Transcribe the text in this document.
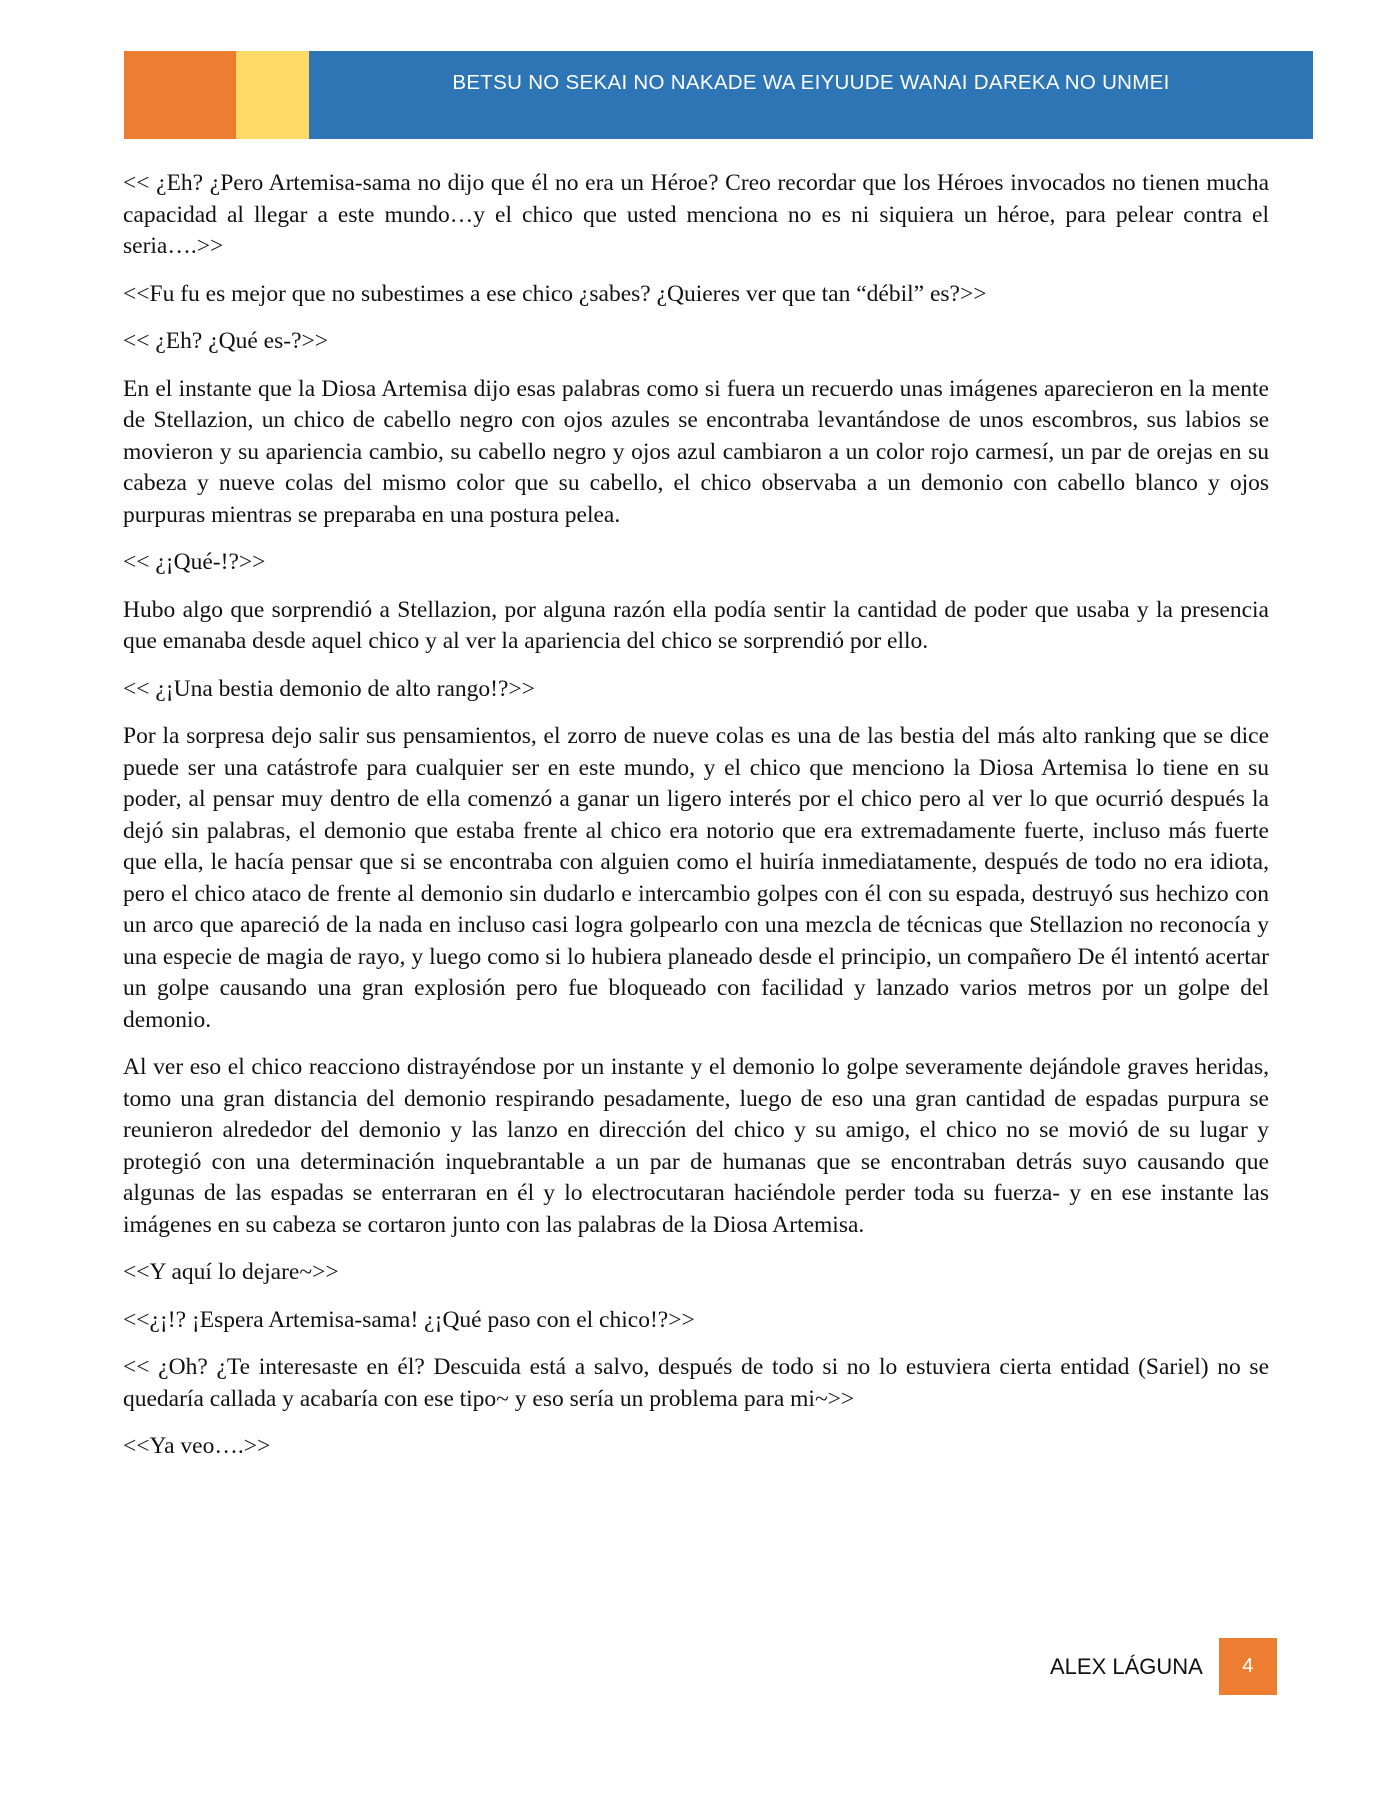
BETSU NO SEKAI NO NAKADE WA EIYUUDE WANAI DAREKA NO UNMEI

<< ¿Eh? ¿Pero Artemisa-sama no dijo que él no era un Héroe? Creo recordar que los Héroes invocados no tienen mucha capacidad al llegar a este mundo…y el chico que usted menciona no es ni siquiera un héroe, para pelear contra el seria….>>

<<Fu fu es mejor que no subestimes a ese chico ¿sabes? ¿Quieres ver que tan “débil” es?>>

<< ¿Eh? ¿Qué es-?>>

En el instante que la Diosa Artemisa dijo esas palabras como si fuera un recuerdo unas imágenes aparecieron en la mente de Stellazion, un chico de cabello negro con ojos azules se encontraba levantándose de unos escombros, sus labios se movieron y su apariencia cambio, su cabello negro y ojos azul cambiaron a un color rojo carmesí, un par de orejas en su cabeza y nueve colas del mismo color que su cabello, el chico observaba a un demonio con cabello blanco y ojos purpuras mientras se preparaba en una postura pelea.

<< ¿¡Qué-!?>>

Hubo algo que sorprendió a Stellazion, por alguna razón ella podía sentir la cantidad de poder que usaba y la presencia que emanaba desde aquel chico y al ver la apariencia del chico se sorprendió por ello.

<< ¿¡Una bestia demonio de alto rango!?>>

Por la sorpresa dejo salir sus pensamientos, el zorro de nueve colas es una de las bestia del más alto ranking que se dice puede ser una catástrofe para cualquier ser en este mundo, y el chico que menciono la Diosa Artemisa lo tiene en su poder, al pensar muy dentro de ella comenzó a ganar un ligero interés por el chico pero al ver lo que ocurrió después la dejó sin palabras, el demonio que estaba frente al chico era notorio que era extremadamente fuerte, incluso más fuerte que ella, le hacía pensar que si se encontraba con alguien como el huiría inmediatamente, después de todo no era idiota, pero el chico ataco de frente al demonio sin dudarlo e intercambio golpes con él con su espada, destruyó sus hechizo con un arco que apareció de la nada en incluso casi logra golpearlo con una mezcla de técnicas que Stellazion no reconocía y una especie de magia de rayo, y luego como si lo hubiera planeado desde el principio, un compañero De él intentó acertar un golpe causando una gran explosión pero fue bloqueado con facilidad y lanzado varios metros por un golpe del demonio.

Al ver eso el chico reacciono distrayéndose por un instante y el demonio lo golpe severamente dejándole graves heridas, tomo una gran distancia del demonio respirando pesadamente, luego de eso una gran cantidad de espadas purpura se reunieron alrededor del demonio y las lanzo en dirección del chico y su amigo, el chico no se movió de su lugar y protegió con una determinación inquebrantable a un par de humanas que se encontraban detrás suyo causando que algunas de las espadas se enterraran en él y lo electrocutaran haciéndole perder toda su fuerza- y en ese instante las imágenes en su cabeza se cortaron junto con las palabras de la Diosa Artemisa.

<<Y aquí lo dejare~>>

<<¿¡!? ¡Espera Artemisa-sama! ¿¡Qué paso con el chico!?>>

<< ¿Oh? ¿Te interesaste en él? Descuida está a salvo, después de todo si no lo estuviera cierta entidad (Sariel) no se quedaría callada y acabaría con ese tipo~ y eso sería un problema para mi~>>

<<Ya veo….>>

ALEX LÁGUNA 4
